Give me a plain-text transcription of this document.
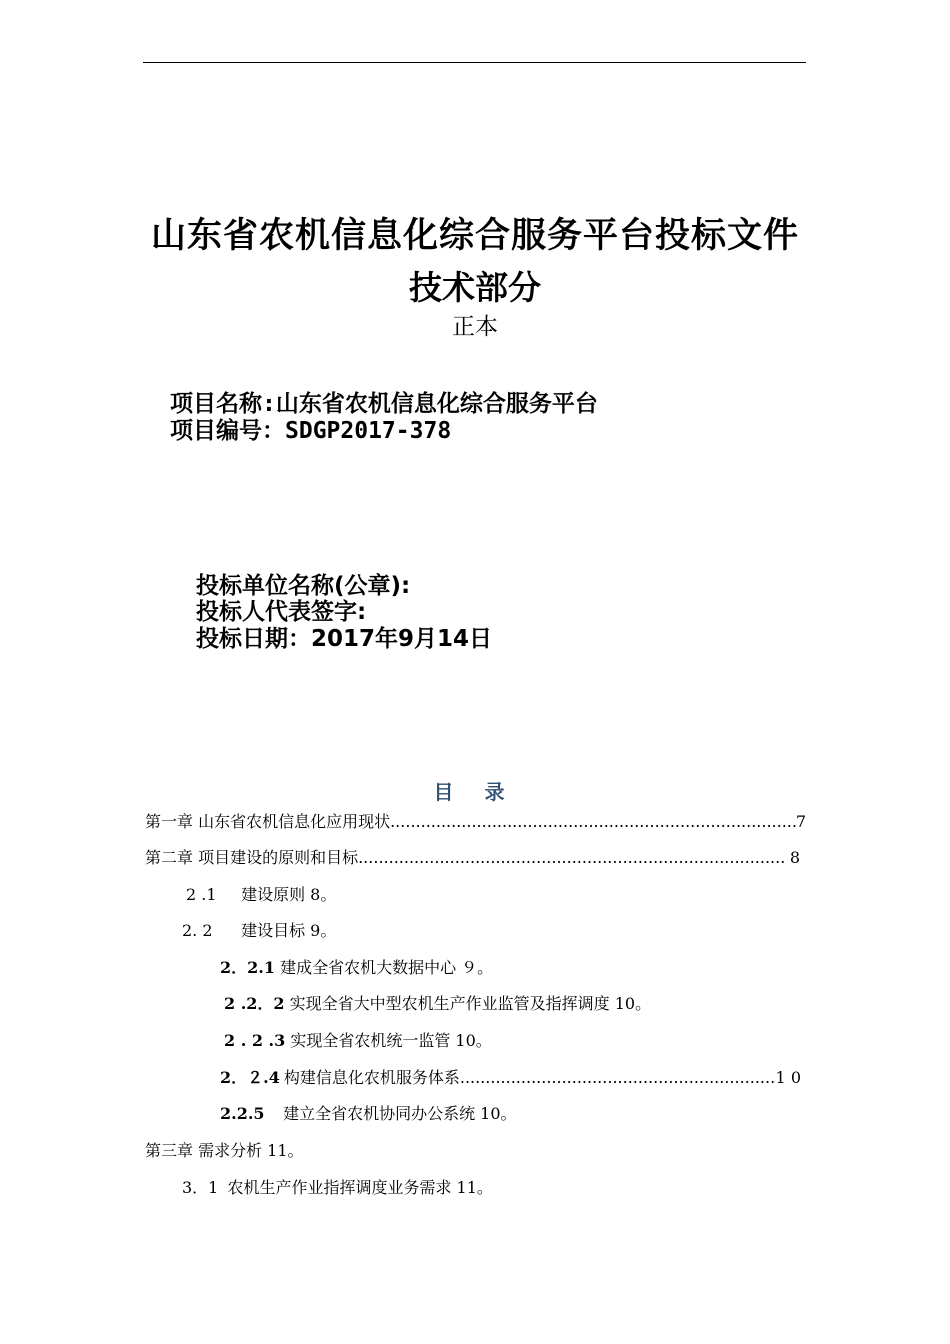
山东省农机信息化综合服务平台投标文件
技术部分
正本
项目名称:山东省农机信息化综合服务平台
项目编号：SDGP2017-378
投标单位名称(公章):
投标人代表签字:
投标日期：2017年9月14日
目 录
第一章 山东省农机信息化应用现状 .....	7
第二章 项目建设的原则和目标 .....	8
2 .1 建设原则 8。
2. 2 建设目标 9。
2．2.1 建成全省农机大数据中心 ９。
2 .2．2 实现全省大中型农机生产作业监管及指挥调度 10。
2 . 2 .3 实现全省农机统一监管 10。
2．２.4 构建信息化农机服务体系 .....	1 0
2.2.5 建立全省农机协同办公系统 10。
第三章 需求分析 11。
3．1 农机生产作业指挥调度业务需求 11。
